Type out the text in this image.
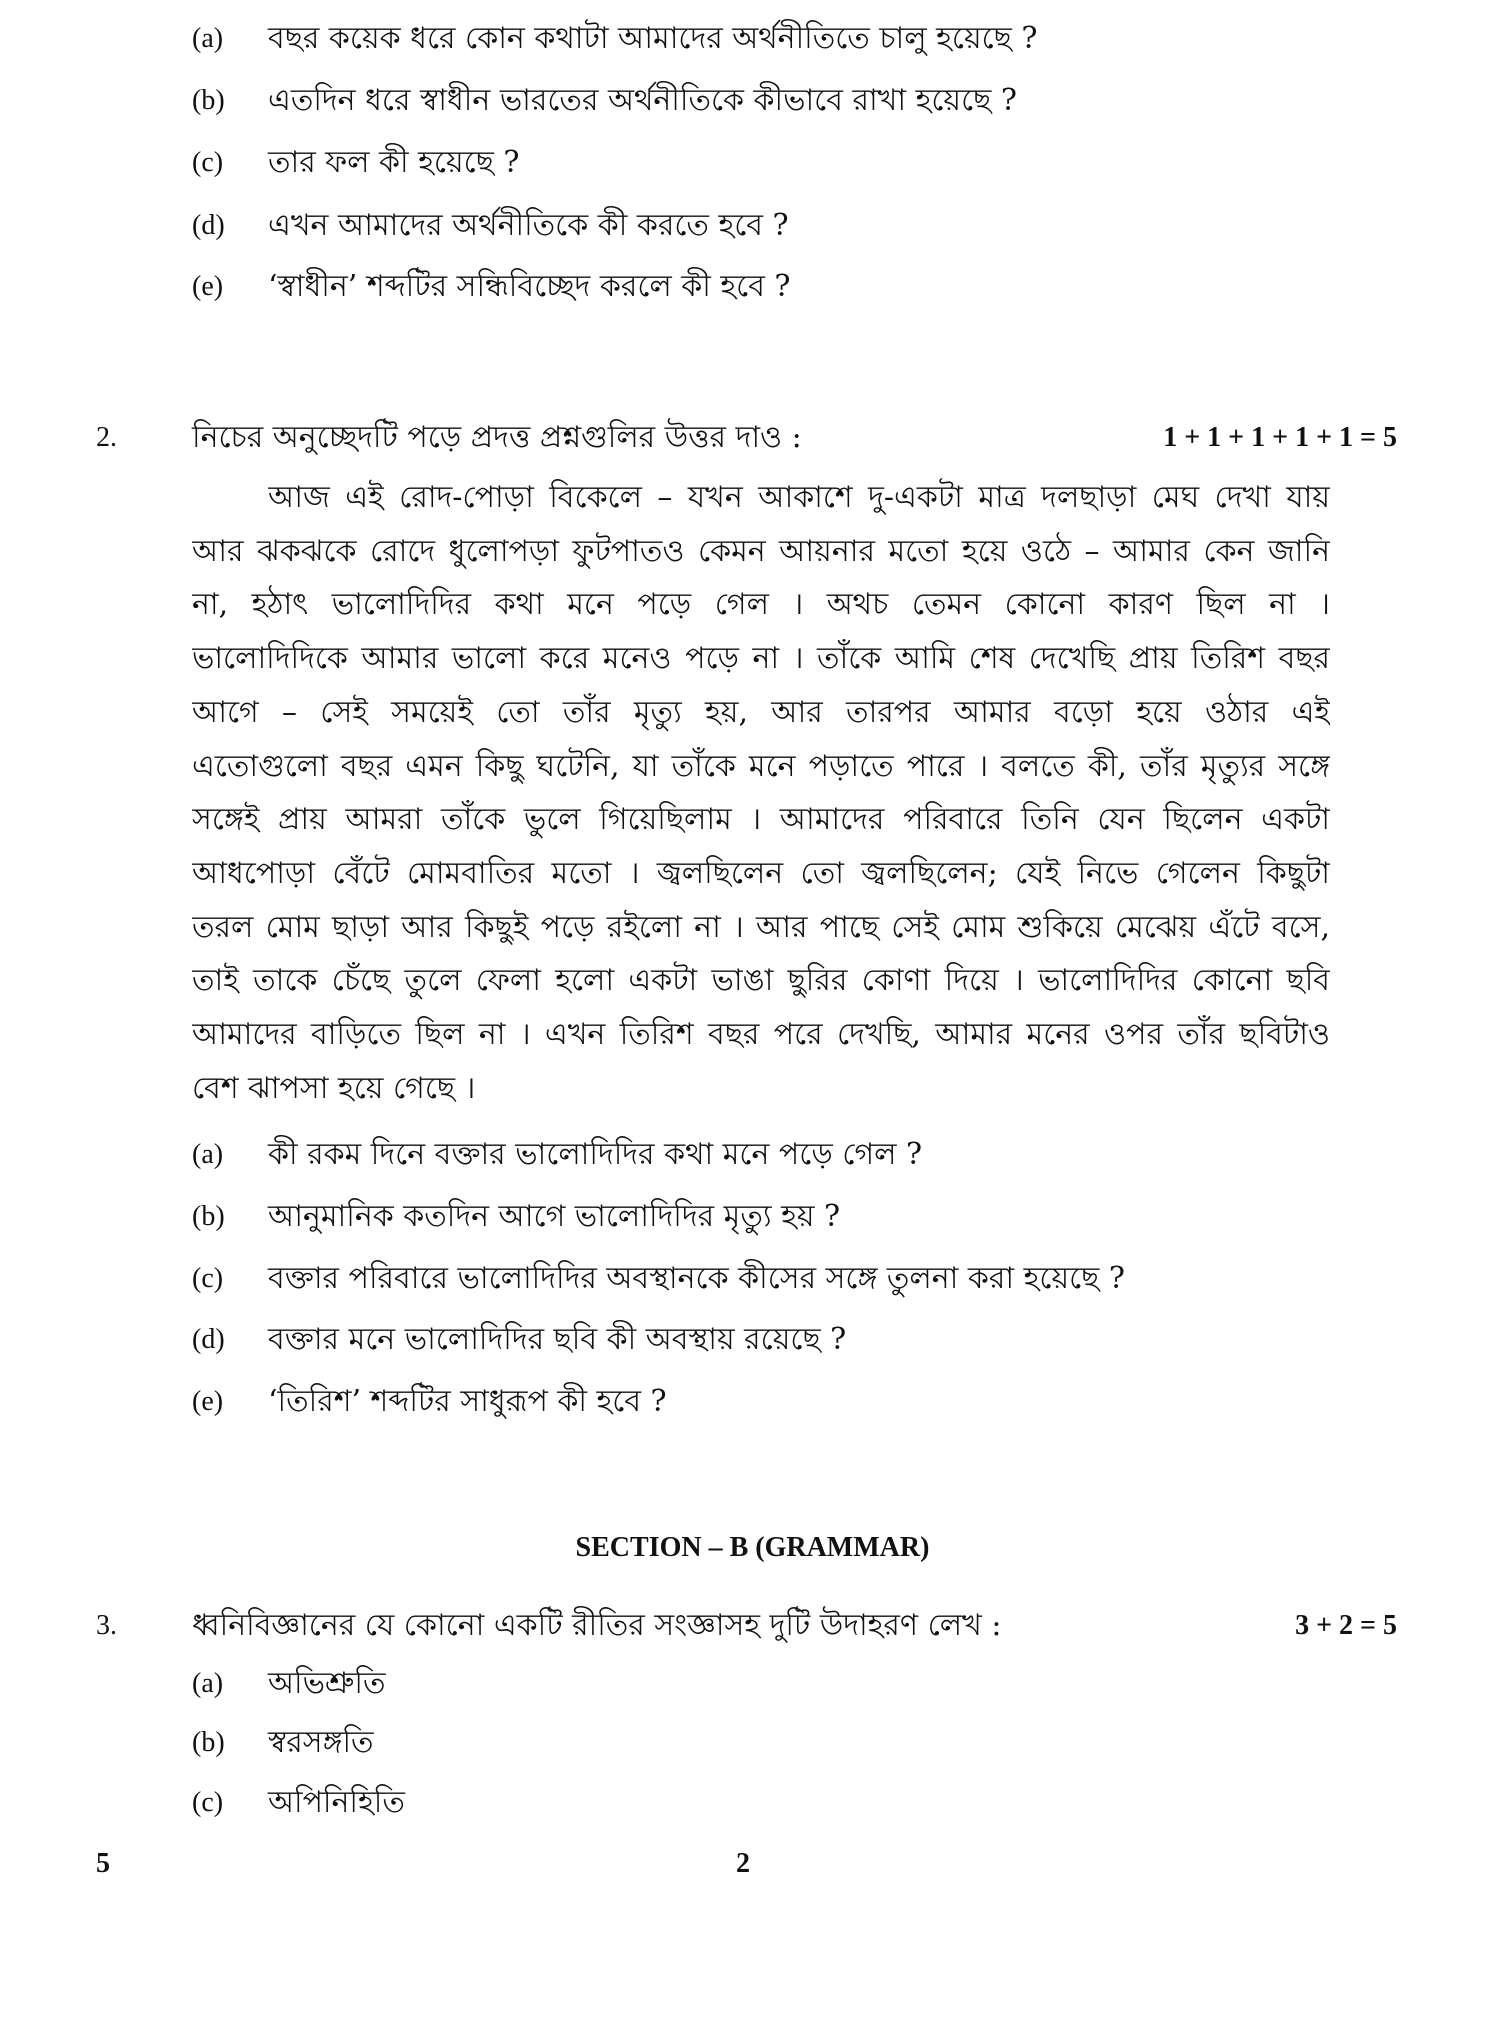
(a) বছর কয়েক ধরে কোন কথাটা আমাদের অর্থনীতিতে চালু হয়েছে ?
(b) এতদিন ধরে স্বাধীন ভারতের অর্থনীতিকে কীভাবে রাখা হয়েছে ?
(c) তার ফল কী হয়েছে ?
(d) এখন আমাদের অর্থনীতিকে কী করতে হবে ?
(e) ‘স্বাধীন’ শব্দটির সন্ধিবিচ্ছেদ করলে কী হবে ?
2.	নিচের অনুচ্ছেদটি পড়ে প্রদত্ত প্রশ্নগুলির উত্তর দাও :	1 + 1 + 1 + 1 + 1 = 5
আজ এই রোদ-পোড়া বিকেলে – যখন আকাশে দু-একটা মাত্র দলছাড়া মেঘ দেখা যায়
আর ঝকঝকে রোদে ধুলোপড়া ফুটপাতও কেমন আয়নার মতো হয়ে ওঠে – আমার কেন জানি
না, হঠাৎ ভালোদিদির কথা মনে পড়ে গেল । অথচ তেমন কোনো কারণ ছিল না ।
ভালোদিদিকে আমার ভালো করে মনেও পড়ে না । তাঁকে আমি শেষ দেখেছি প্রায় তিরিশ বছর
আগে – সেই সময়েই তো তাঁর মৃত্যু হয়, আর তারপর আমার বড়ো হয়ে ওঠার এই
এতোগুলো বছর এমন কিছু ঘটেনি, যা তাঁকে মনে পড়াতে পারে । বলতে কী, তাঁর মৃত্যুর সঙ্গে
সঙ্গেই প্রায় আমরা তাঁকে ভুলে গিয়েছিলাম । আমাদের পরিবারে তিনি যেন ছিলেন একটা
আধপোড়া বেঁটে মোমবাতির মতো । জ্বলছিলেন তো জ্বলছিলেন; যেই নিভে গেলেন কিছুটা
তরল মোম ছাড়া আর কিছুই পড়ে রইলো না । আর পাছে সেই মোম শুকিয়ে মেঝেয় এঁটে বসে,
তাই তাকে চেঁছে তুলে ফেলা হলো একটা ভাঙা ছুরির কোণা দিয়ে । ভালোদিদির কোনো ছবি
আমাদের বাড়িতে ছিল না । এখন তিরিশ বছর পরে দেখছি, আমার মনের ওপর তাঁর ছবিটাও
বেশ ঝাপসা হয়ে গেছে ।
(a) কী রকম দিনে বক্তার ভালোদিদির কথা মনে পড়ে গেল ?
(b) আনুমানিক কতদিন আগে ভালোদিদির মৃত্যু হয় ?
(c) বক্তার পরিবারে ভালোদিদির অবস্থানকে কীসের সঙ্গে তুলনা করা হয়েছে ?
(d) বক্তার মনে ভালোদিদির ছবি কী অবস্থায় রয়েছে ?
(e) ‘তিরিশ’ শব্দটির সাধুরূপ কী হবে ?
SECTION – B (GRAMMAR)
3.	ধ্বনিবিজ্ঞানের যে কোনো একটি রীতির সংজ্ঞাসহ দুটি উদাহরণ লেখ :	3 + 2 = 5
(a) অভিশ্রুতি
(b) স্বরসঙ্গতি
(c) অপিনিহিতি
5	2
